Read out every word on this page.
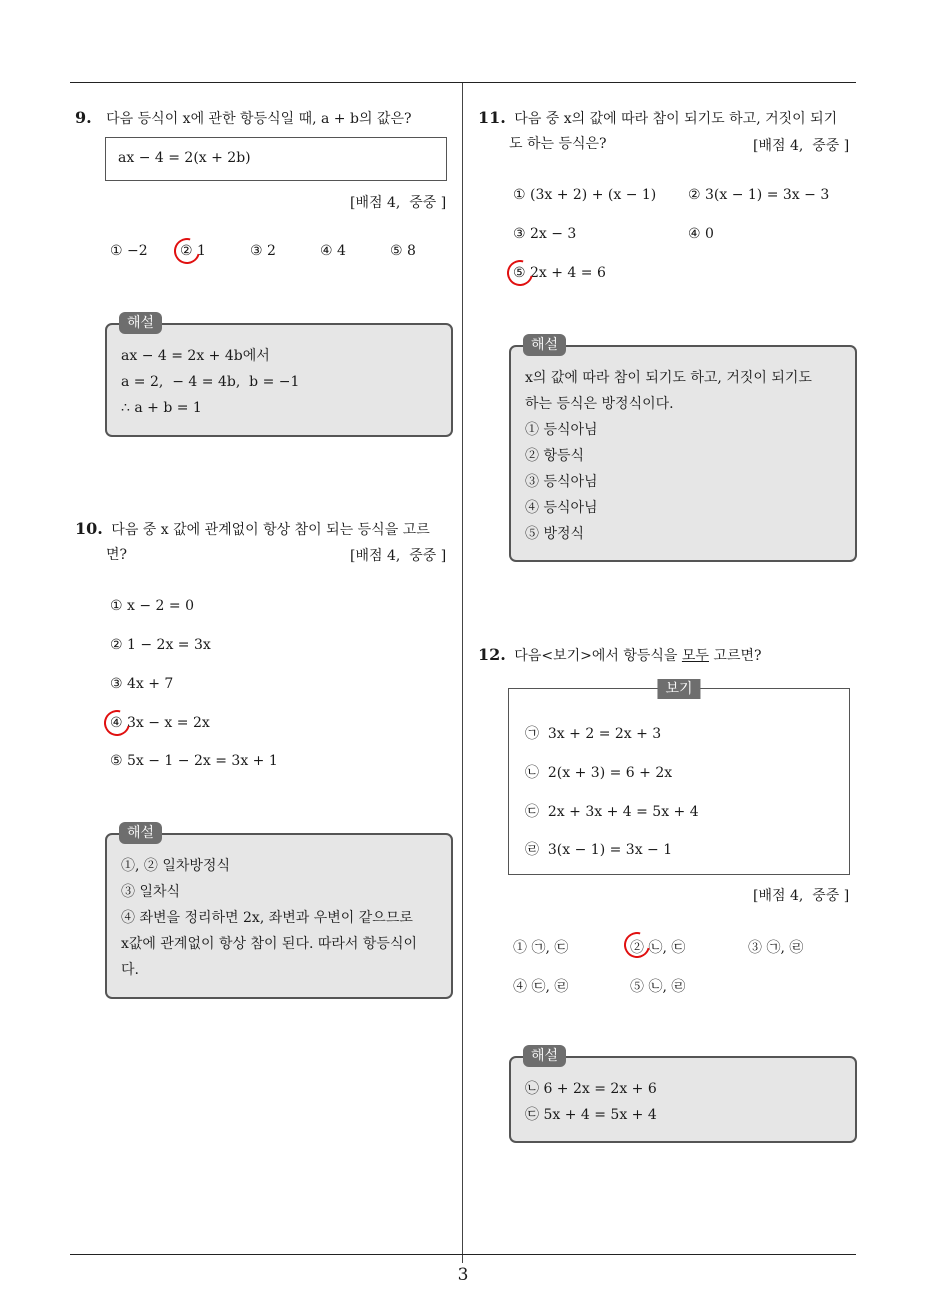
9. 다음 등식이 x에 관한 항등식일 때, a + b의 값은?
ax − 4 = 2(x + 2b)
[배점 4,  중중 ]
① −2 ② 1	③ 2	④ 4	⑤ 8
해설
ax − 4 = 2x + 4b에서
a = 2,  − 4 = 4b,  b = −1
∴ a + b = 1
10. 다음 중 x 값에 관계없이 항상 참이 되는 등식을 고르
면?	[배점 4,  중중 ]
① x − 2 = 0
② 1 − 2x = 3x
③ 4x + 7
④ 3x − x = 2x
⑤ 5x − 1 − 2x = 3x + 1
해설
①, ② 일차방정식
③ 일차식
④ 좌변을 정리하면 2x, 좌변과 우변이 같으므로
x값에 관계없이 항상 참이 된다. 따라서 항등식이
다.
11. 다음 중 x의 값에 따라 참이 되기도 하고, 거짓이 되기
도 하는 등식은?	[배점 4,  중중 ]
① (3x + 2) + (x − 1) ② 3(x − 1) = 3x − 3
③ 2x − 3	④ 0
⑤ 2x + 4 = 6
해설
x의 값에 따라 참이 되기도 하고, 거짓이 되기도
하는 등식은 방정식이다.
① 등식아님
② 항등식
③ 등식아님
④ 등식아님
⑤ 방정식
12. 다음<보기>에서 항등식을 모두 고르면?
보기
㉠  3x + 2 = 2x + 3
㉡  2(x + 3) = 6 + 2x
㉢  2x + 3x + 4 = 5x + 4
㉣  3(x − 1) = 3x − 1
[배점 4,  중중 ]
① ㉠, ㉢	② ㉡, ㉢	③ ㉠, ㉣
④ ㉢, ㉣	⑤ ㉡, ㉣
해설
㉡ 6 + 2x = 2x + 6
㉢ 5x + 4 = 5x + 4
3
